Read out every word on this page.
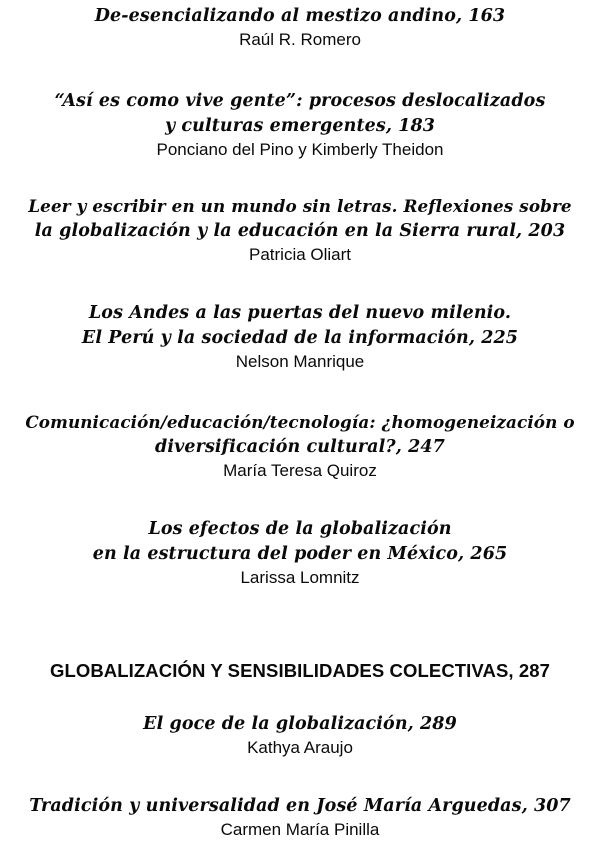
De-esencializando al mestizo andino, 163
Raúl R. Romero
“Así es como vive gente”: procesos deslocalizados
y culturas emergentes, 183
Ponciano del Pino y Kimberly Theidon
Leer y escribir en un mundo sin letras. Reflexiones sobre
la globalización y la educación en la Sierra rural, 203
Patricia Oliart
Los Andes a las puertas del nuevo milenio.
El Perú y la sociedad de la información, 225
Nelson Manrique
Comunicación/educación/tecnología: ¿homogeneización o
diversificación cultural?, 247
María Teresa Quiroz
Los efectos de la globalización
en la estructura del poder en México, 265
Larissa Lomnitz
GLOBALIZACIÓN Y SENSIBILIDADES COLECTIVAS, 287
El goce de la globalización, 289
Kathya Araujo
Tradición y universalidad en José María Arguedas, 307
Carmen María Pinilla
